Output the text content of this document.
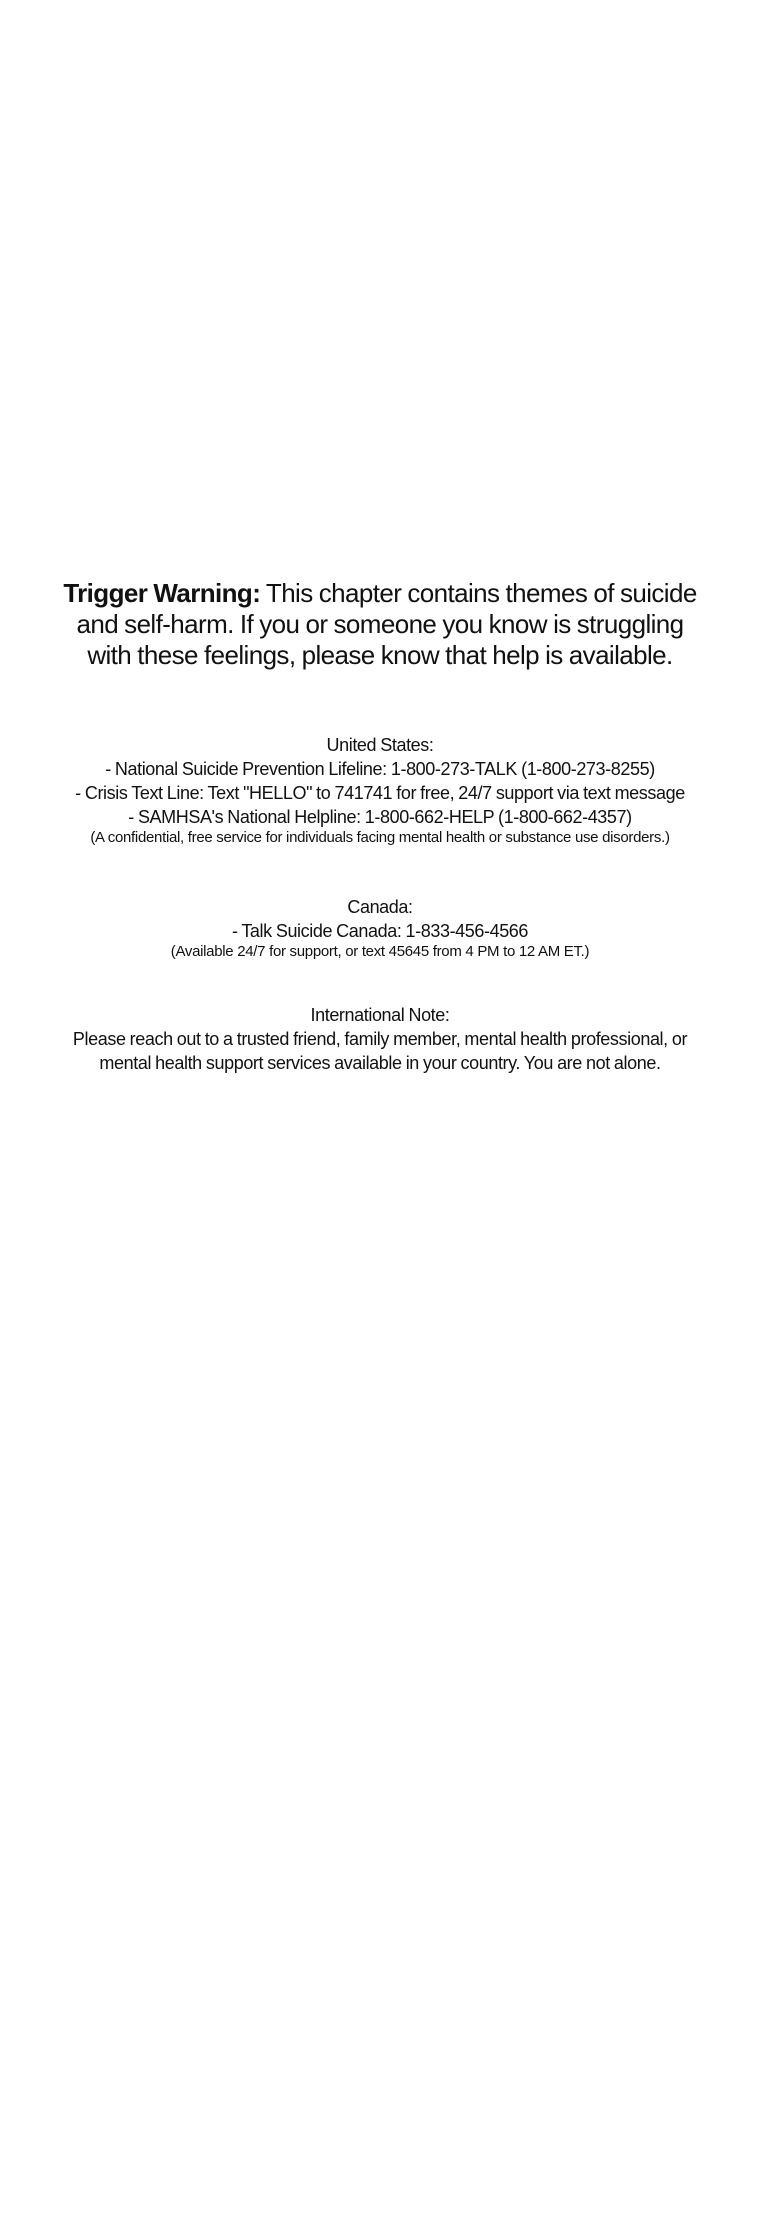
Trigger Warning: This chapter contains themes of suicide and self-harm. If you or someone you know is struggling with these feelings, please know that help is available.
United States:
- National Suicide Prevention Lifeline: 1-800-273-TALK (1-800-273-8255)
- Crisis Text Line: Text "HELLO" to 741741 for free, 24/7 support via text message
- SAMHSA's National Helpline: 1-800-662-HELP (1-800-662-4357)
(A confidential, free service for individuals facing mental health or substance use disorders.)
Canada:
- Talk Suicide Canada: 1-833-456-4566
(Available 24/7 for support, or text 45645 from 4 PM to 12 AM ET.)
International Note:
Please reach out to a trusted friend, family member, mental health professional, or mental health support services available in your country. You are not alone.
